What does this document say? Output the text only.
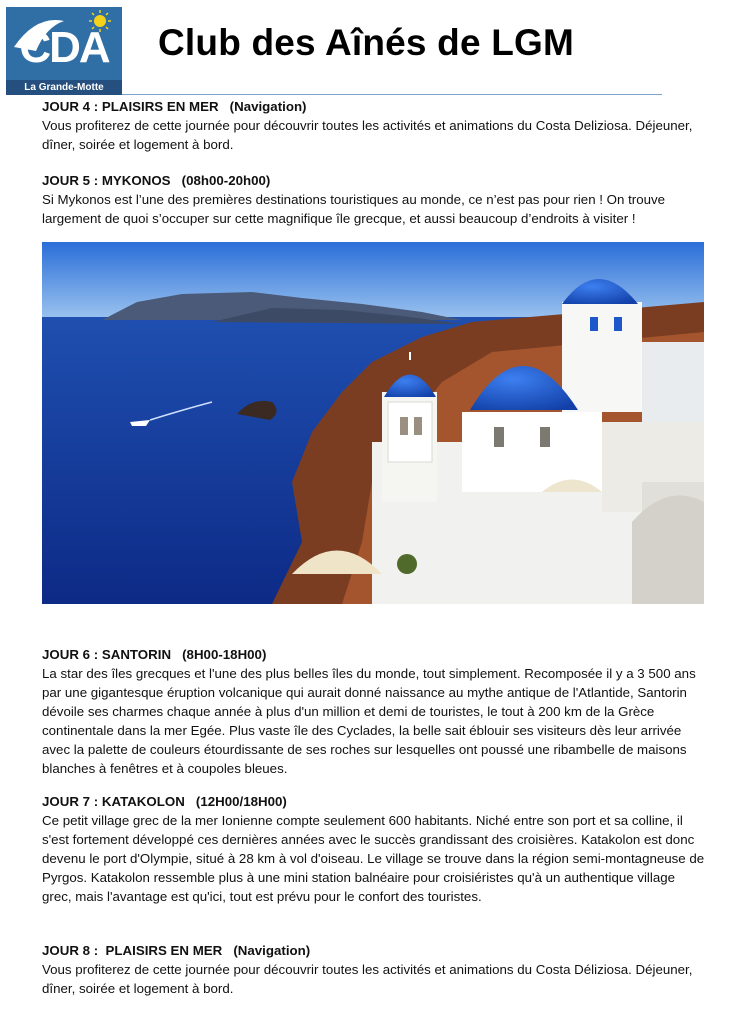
CDA
La Grande-Motte
Club des Aînés de LGM
JOUR 4 : PLAISIRS EN MER   (Navigation)

Vous profiterez de cette journée pour découvrir toutes les activités et animations du Costa Deliziosa. Déjeuner, dîner, soirée et logement à bord.

JOUR 5 : MYKONOS   (08h00-20h00)

Si Mykonos est l’une des premières destinations touristiques au monde, ce n’est pas pour rien ! On trouve largement de quoi s’occuper sur cette magnifique île grecque, et aussi beaucoup d’endroits à visiter !

JOUR 6 : SANTORIN   (8H00-18H00)

La star des îles grecques et l'une des plus belles îles du monde, tout simplement. Recomposée il y a 3 500 ans par une gigantesque éruption volcanique qui aurait donné naissance au mythe antique de l'Atlantide, Santorin dévoile ses charmes chaque année à plus d'un million et demi de touristes, le tout à 200 km de la Grèce continentale dans la mer Egée. Plus vaste île des Cyclades, la belle sait éblouir ses visiteurs dès leur arrivée avec la palette de couleurs étourdissante de ses roches sur lesquelles ont poussé une ribambelle de maisons blanches à fenêtres et à coupoles bleues.

JOUR 7 : KATAKOLON   (12H00/18H00)

Ce petit village grec de la mer Ionienne compte seulement 600 habitants. Niché entre son port et sa colline, il s'est fortement développé ces dernières années avec le succès grandissant des croisières. Katakolon est donc devenu le port d'Olympie, situé à 28 km à vol d'oiseau. Le village se trouve dans la région semi-montagneuse de Pyrgos. Katakolon ressemble plus à une mini station balnéaire pour croisiéristes qu'à un authentique village grec, mais l'avantage est qu'ici, tout est prévu pour le confort des touristes.

JOUR 8 :  PLAISIRS EN MER   (Navigation)

Vous profiterez de cette journée pour découvrir toutes les activités et animations du Costa Déliziosa. Déjeuner, dîner, soirée et logement à bord.
